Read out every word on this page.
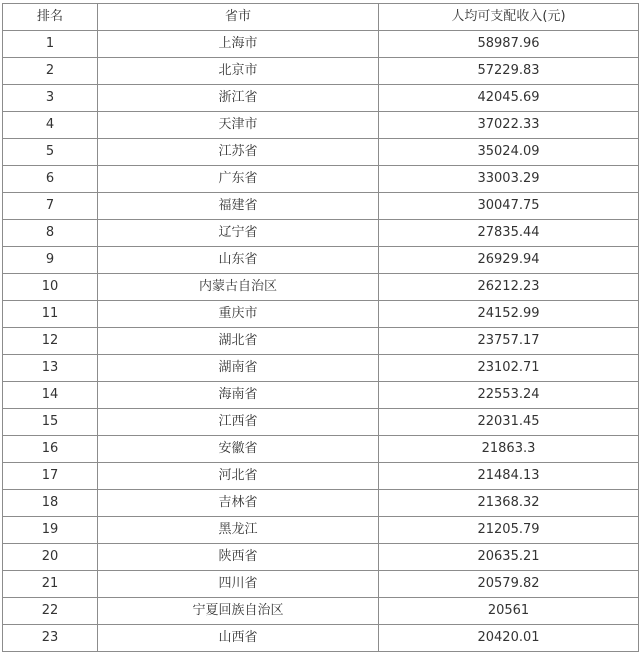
排名	省市	人均可支配收入(元)
1	上海市	58987.96
2	北京市	57229.83
3	浙江省	42045.69
4	天津市	37022.33
5	江苏省	35024.09
6	广东省	33003.29
7	福建省	30047.75
8	辽宁省	27835.44
9	山东省	26929.94
10	内蒙古自治区	26212.23
11	重庆市	24152.99
12	湖北省	23757.17
13	湖南省	23102.71
14	海南省	22553.24
15	江西省	22031.45
16	安徽省	21863.3
17	河北省	21484.13
18	吉林省	21368.32
19	黑龙江	21205.79
20	陕西省	20635.21
21	四川省	20579.82
22	宁夏回族自治区	20561
23	山西省	20420.01
